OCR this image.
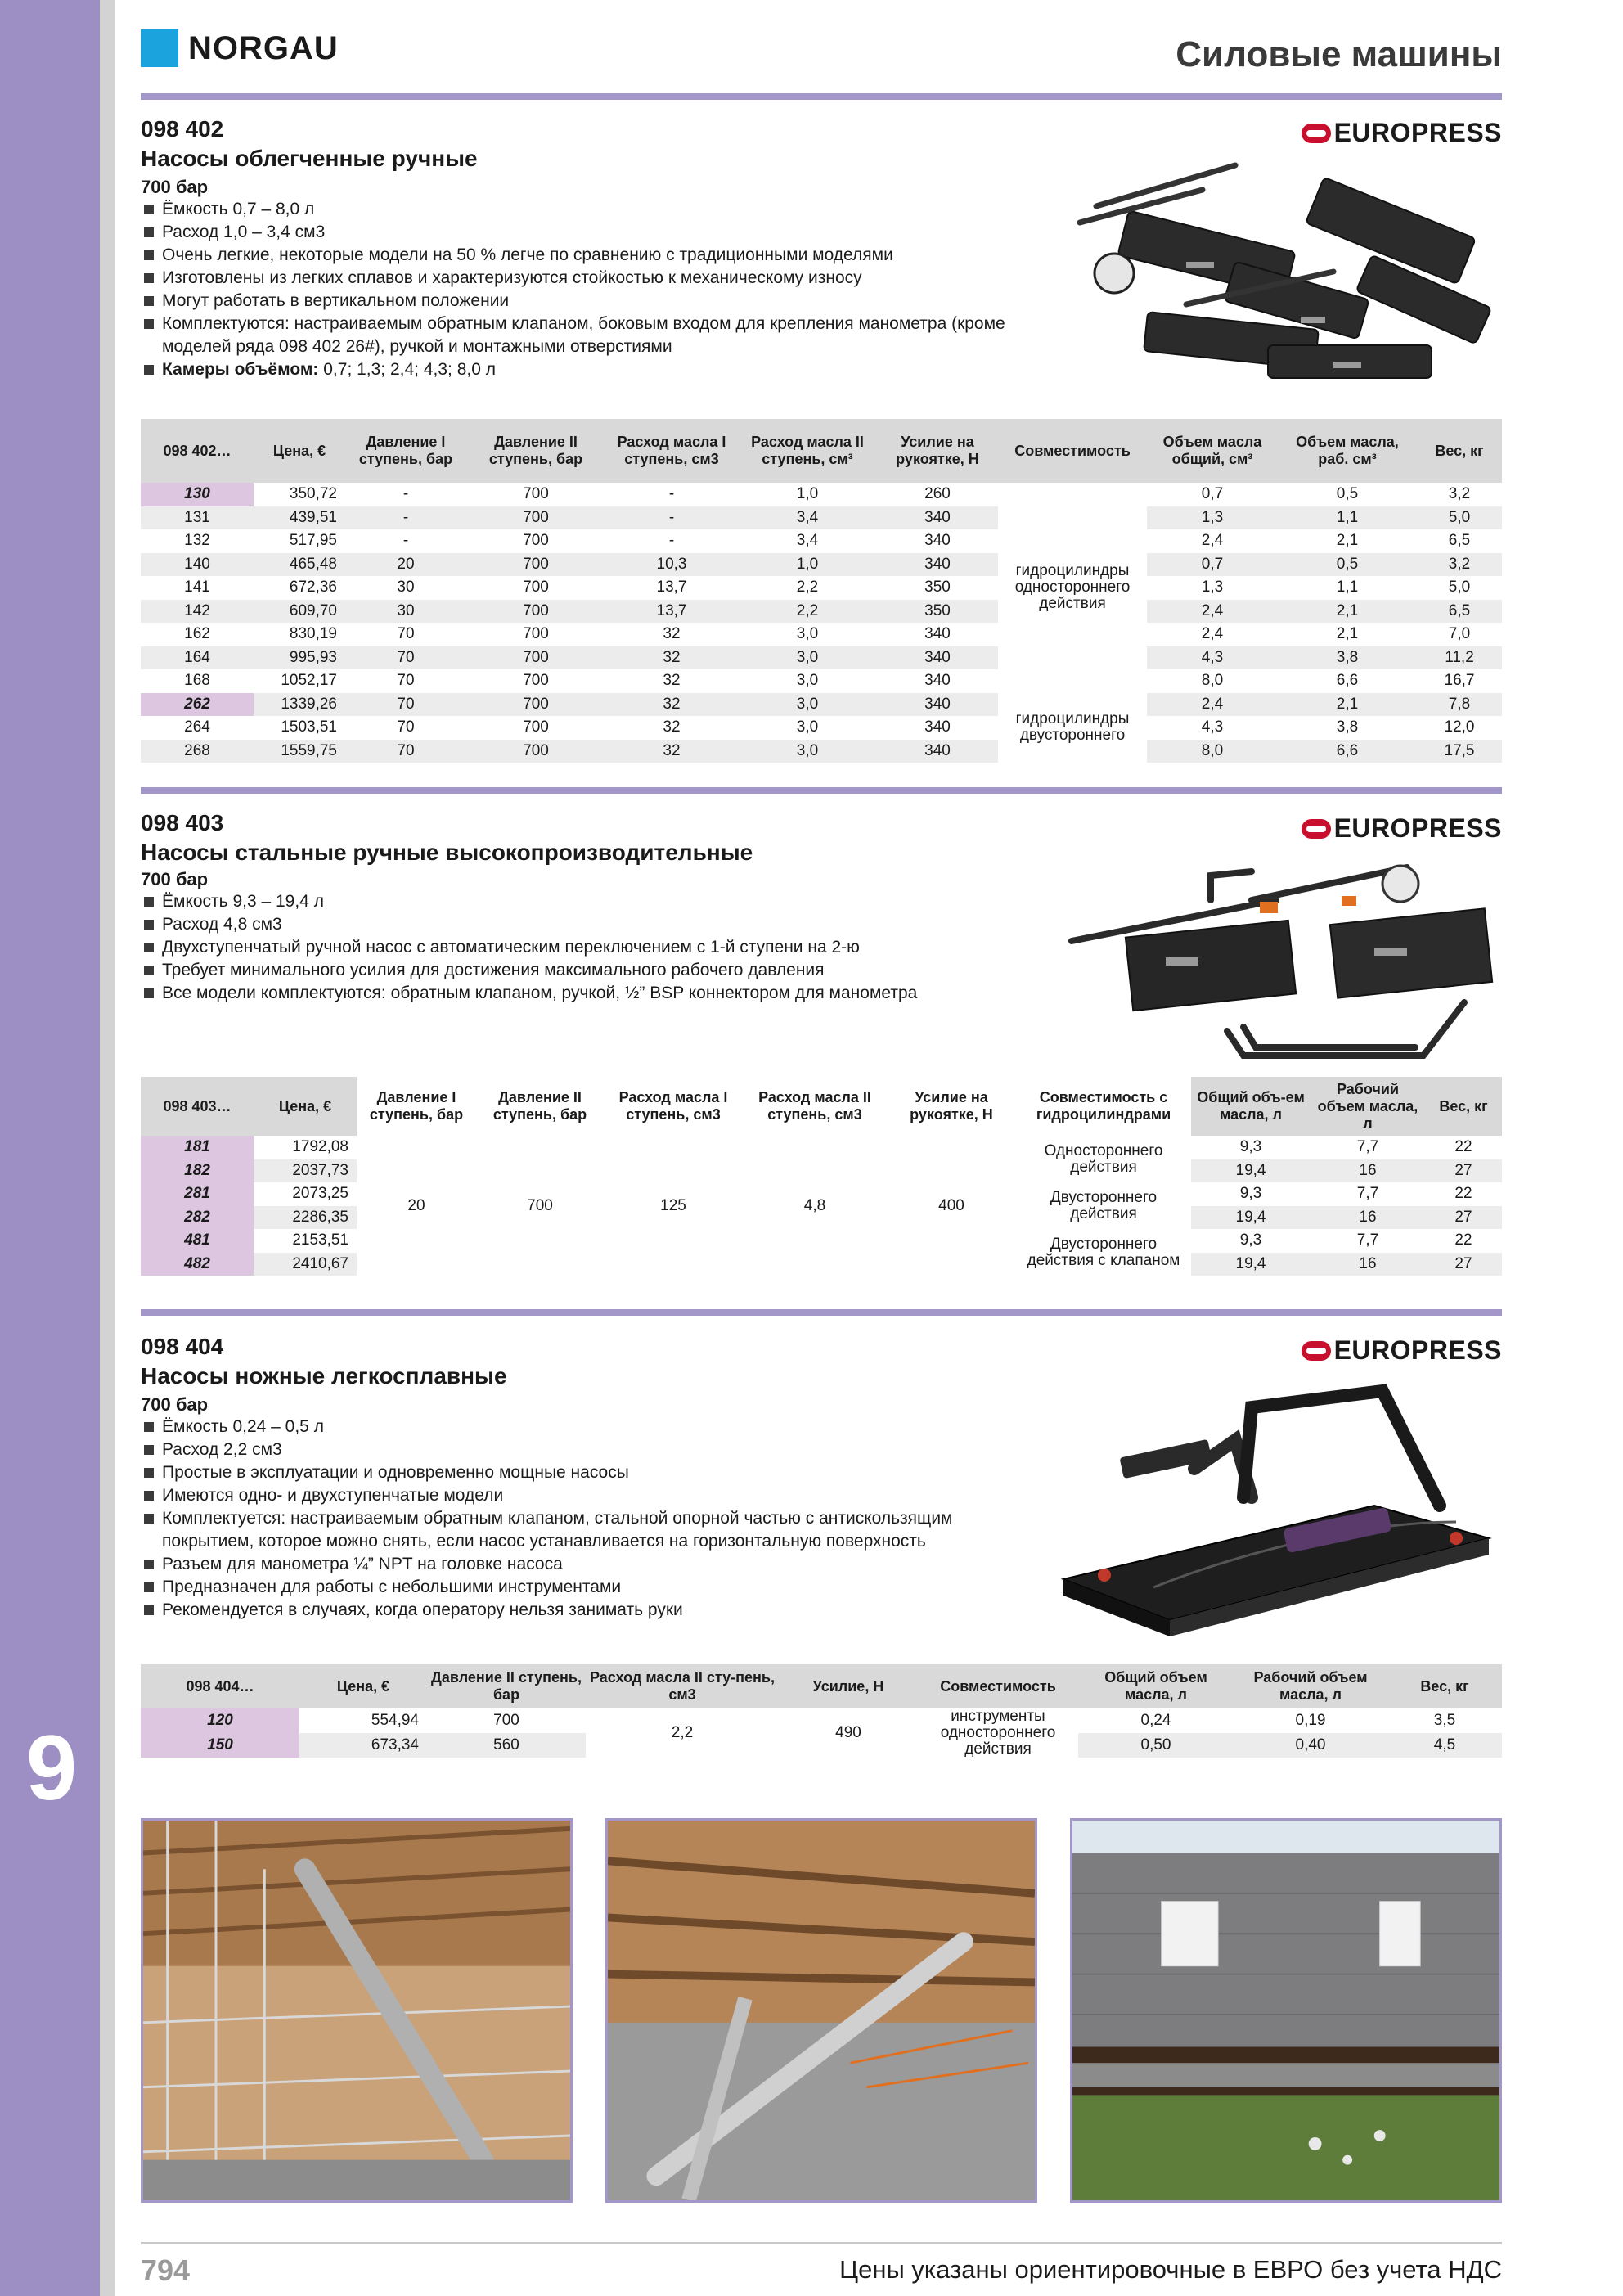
9
NORGAU	Силовые машины
EUROPRESS
098 402
Насосы облегченные ручные
700 бар
Ёмкость 0,7 – 8,0 л
Расход 1,0 – 3,4 см3
Очень легкие, некоторые модели на 50 % легче по сравнению с традиционными моделями
Изготовлены из легких сплавов и характеризуются стойкостью к механическому износу
Могут работать в вертикальном положении
Комплектуются: настраиваемым обратным клапаном, боковым входом для крепления манометра (кроме моделей ряда 098 402 26#), ручкой и монтажными отверстиями
Камеры объёмом: 0,7; 1,3; 2,4; 4,3; 8,0 л
098 402…	Цена, €	Давление I ступень, бар	Давление II ступень, бар	Расход масла I ступень, см3	Расход масла II ступень, см³	Усилие на рукоятке, Н	Совместимость	Объем масла общий, см³	Объем масла, раб. см³	Вес, кг
130	350,72	-	700	-	1,0	260	гидроцилиндры одностороннего действия	0,7	0,5	3,2
131	439,51	-	700	-	3,4	340		1,3	1,1	5,0
132	517,95	-	700	-	3,4	340		2,4	2,1	6,5
140	465,48	20	700	10,3	1,0	340		0,7	0,5	3,2
141	672,36	30	700	13,7	2,2	350		1,3	1,1	5,0
142	609,70	30	700	13,7	2,2	350		2,4	2,1	6,5
162	830,19	70	700	32	3,0	340		2,4	2,1	7,0
164	995,93	70	700	32	3,0	340		4,3	3,8	11,2
168	1052,17	70	700	32	3,0	340		8,0	6,6	16,7
262	1339,26	70	700	32	3,0	340	гидроцилиндры двустороннего	2,4	2,1	7,8
264	1503,51	70	700	32	3,0	340		4,3	3,8	12,0
268	1559,75	70	700	32	3,0	340		8,0	6,6	17,5
EUROPRESS
098 403
Насосы стальные ручные высокопроизводительные
700 бар
Ёмкость 9,3 – 19,4 л
Расход 4,8 см3
Двухступенчатый ручной насос с автоматическим переключением с 1-й ступени на 2-ю
Требует минимального усилия для достижения максимального рабочего давления
Все модели комплектуются: обратным клапаном, ручкой, ½” BSP коннектором для манометра
098 403…	Цена, €	Давление I ступень, бар	Давление II ступень, бар	Расход масла I ступень, см3	Расход масла II ступень, см3	Усилие на рукоятке, Н	Совместимость с гидроцилиндрами	Общий объ-ем масла, л	Рабочий объем масла, л	Вес, кг
181	1792,08	20	700	125	4,8	400	Одностороннего действия	9,3	7,7	22
182	2037,73							19,4	16	27
281	2073,25						Двустороннего действия	9,3	7,7	22
282	2286,35							19,4	16	27
481	2153,51						Двустороннего действия с клапаном	9,3	7,7	22
482	2410,67							19,4	16	27
EUROPRESS
098 404
Насосы ножные легкосплавные
700 бар
Ёмкость 0,24 – 0,5 л
Расход 2,2 см3
Простые в эксплуатации и одновременно мощные насосы
Имеются одно- и двухступенчатые модели
Комплектуется: настраиваемым обратным клапаном, стальной опорной частью с антискользящим покрытием, которое можно снять, если насос устанавливается на горизонтальную поверхность
Разъем для манометра ¼” NPT на головке насоса
Предназначен для работы с небольшими инструментами
Рекомендуется в случаях, когда оператору нельзя занимать руки
098 404…	Цена, €	Давление II ступень, бар	Расход масла II сту-пень, см3	Усилие, Н	Совместимость	Общий объем масла, л	Рабочий объем масла, л	Вес, кг
120	554,94	700	2,2	490	инструменты одностороннего действия	0,24	0,19	3,5
150	673,34	560				0,50	0,40	4,5
794	Цены указаны ориентировочные в ЕВРО без учета НДС
